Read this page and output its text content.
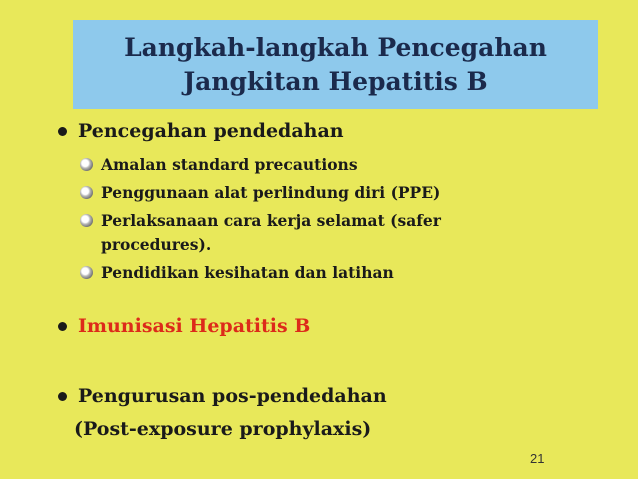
Langkah-langkah Pencegahan
Jangkitan Hepatitis B
Pencegahan pendedahan
Amalan standard precautions
Penggunaan alat perlindung diri (PPE)
Perlaksanaan cara kerja selamat (safer
procedures).
Pendidikan kesihatan dan latihan
Imunisasi Hepatitis B
Pengurusan pos-pendedahan
(Post-exposure prophylaxis)
21
